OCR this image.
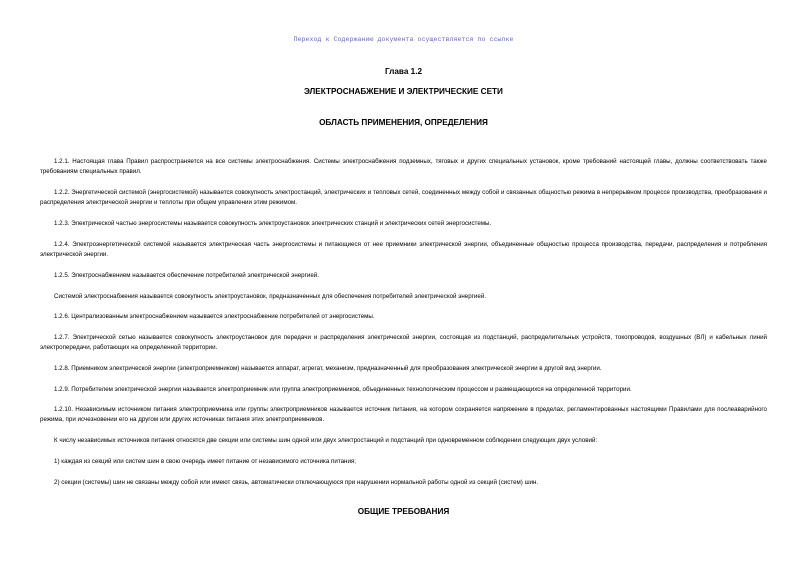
Переход к Содержанию документа осуществляется по ссылке
Глава 1.2
ЭЛЕКТРОСНАБЖЕНИЕ И ЭЛЕКТРИЧЕСКИЕ СЕТИ
ОБЛАСТЬ ПРИМЕНЕНИЯ, ОПРЕДЕЛЕНИЯ

1.2.1. Настоящая глава Правил распространяется на все системы электроснабжения. Системы электроснабжения подземных, тяговых и других специальных установок, кроме требований настоящей главы, должны соответствовать также требованиям специальных правил.

1.2.2. Энергетической системой (энергосистемой) называется совокупность электростанций, электрических и тепловых сетей, соединенных между собой и связанных общностью режима в непрерывном процессе производства, преобразования и распределения электрической энергии и теплоты при общем управлении этим режимом.

1.2.3. Электрической частью энергосистемы называется совокупность электроустановок электрических станций и электрических сетей энергосистемы.

1.2.4. Электроэнергетической системой называется электрическая часть энергосистемы и питающиеся от нее приемники электрической энергии, объединенные общностью процесса производства, передачи, распределения и потребления электрической энергии.

1.2.5. Электроснабжением называется обеспечение потребителей электрической энергией.

Системой электроснабжения называется совокупность электроустановок, предназначенных для обеспечения потребителей электрической энергией.

1.2.6. Централизованным электроснабжением называется электроснабжение потребителей от энергосистемы.

1.2.7. Электрической сетью называется совокупность электроустановок для передачи и распределения электрической энергии, состоящая из подстанций, распределительных устройств, токопроводов, воздушных (ВЛ) и кабельных линий электропередачи, работающих на определенной территории.

1.2.8. Приемником электрической энергии (электроприемником) называется аппарат, агрегат, механизм, предназначенный для преобразования электрической энергии в другой вид энергии.

1.2.9. Потребителем электрической энергии называется электроприемник или группа электроприемников, объединенных технологическим процессом и размещающихся на определенной территории.

1.2.10. Независимым источником питания электроприемника или группы электроприемников называется источник питания, на котором сохраняется напряжение в пределах, регламентированных настоящими Правилами для послеаварийного режима, при исчезновении его на другом или других источниках питания этих электроприемников.

К числу независимых источников питания относятся две секции или системы шин одной или двух электростанций и подстанций при одновременном соблюдении следующих двух условий:

1) каждая из секций или систем шин в свою очередь имеет питание от независимого источника питания;

2) секции (системы) шин не связаны между собой или имеют связь, автоматически отключающуюся при нарушении нормальной работы одной из секций (систем) шин.

ОБЩИЕ ТРЕБОВАНИЯ
